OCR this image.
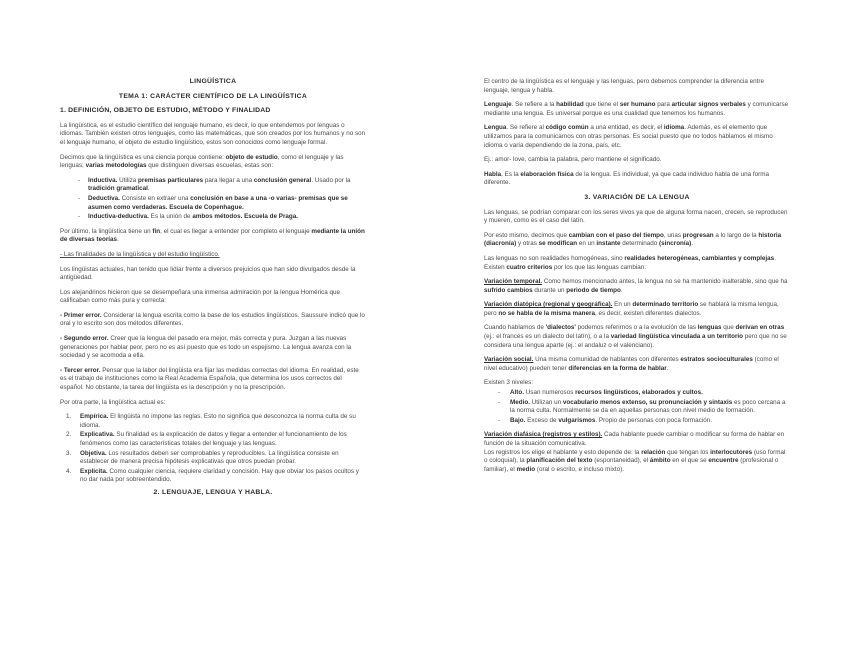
LINGÜÍSTICA
TEMA 1: CARÁCTER CIENTÍFICO DE LA LINGÜÍSTICA
1. DEFINICIÓN, OBJETO DE ESTUDIO, MÉTODO Y FINALIDAD

La lingüística, es el estudio científico del lenguaje humano, es decir, lo que entendemos por lenguas o idiomas. También existen otros lenguajes, como las matemáticas, que son creados por los humanos y no son el lenguaje humano, el objeto de estudio lingüístico, estos son conocidos como lenguaje formal.

Decimos que la lingüística es una ciencia porque contiene: objeto de estudio, como el lenguaje y las lenguas; varias metodologías que distinguen diversas escuelas, estas son:

- Inductiva. Utiliza premisas particulares para llegar a una conclusión general. Usado por la tradición gramatical.
- Deductiva. Consiste en extraer una conclusión en base a una -o varias- premisas que se asumen como verdaderas. Escuela de Copenhague.
- Inductiva-deductiva. Es la unión de ambos métodos. Escuela de Praga.

Por último, la lingüística tiene un fin, el cual es llegar a entender por completo el lenguaje mediante la unión de diversas teorías.

- Las finalidades de la lingüística y del estudio lingüístico.

Los lingüistas actuales, han tenido que lidiar frente a diversos prejuicios que han sido divulgados desde la antigüedad.

Los alejandrinos hicieron que se desempeñara una inmensa admiración por la lengua Homérica que calificaban como más pura y correcta:

- Primer error. Considerar la lengua escrita como la base de los estudios lingüísticos. Saussure indicó que lo oral y lo escrito son dos métodos diferentes.

- Segundo error. Creer que la lengua del pasado era mejor, más correcta y pura. Juzgan a las nuevas generaciones por hablar peor, pero no es así puesto que es todo un espejismo. La lengua avanza con la sociedad y se acomoda a ella.

- Tercer error. Pensar que la labor del lingüista era fijar las medidas correctas del idioma. En realidad, este es el trabajo de instituciones como la Real Academia Española, que determina los usos correctos del español. No obstante, la tarea del lingüista es la descripción y no la prescripción.

Por otra parte, la lingüística actual es:

1. Empírica. El lingüista no impone las reglas. Esto no significa que desconozca la norma culta de su idioma.
2. Explicativa. Su finalidad es la explicación de datos y llegar a entender el funcionamiento de los fenómenos como las características totales del lenguaje y las lenguas.
3. Objetiva. Los resultados deben ser comprobables y reproducibles. La lingüística consiste en establecer de manera precisa hipótesis explicativas que otros puedan probar.
4. Explícita. Como cualquier ciencia, requiere claridad y concisión. Hay que obviar los pasos ocultos y no dar nada por sobreentendido.
2. LENGUAJE, LENGUA Y HABLA.

El centro de la lingüística es el lenguaje y las lenguas, pero debemos comprender la diferencia entre lenguaje, lengua y habla.

Lenguaje. Se refiere a la habilidad que tiene el ser humano para articular signos verbales y comunicarse mediante una lengua. Es universal porque es una cualidad que tenemos los humanos.

Lengua. Se refiere al código común a una entidad, es decir, el idioma. Además, es el elemento que utilizamos para la comunicarnos con otras personas. Es social puesto que no todos hablamos el mismo idioma o varía dependiendo de la zona, país, etc.

Ej.: amor- love, cambia la palabra, pero mantiene el significado.

Habla. Es la elaboración física de la lengua. Es individual, ya que cada individuo habla de una forma diferente.

3. VARIACIÓN DE LA LENGUA

Las lenguas, se podrían comparar con los seres vivos ya que de alguna forma nacen, crecen, se reproducen y mueren, como es el caso del latín.

Por esto mismo, decimos que cambian con el paso del tiempo, unas progresan a lo largo de la historia (diacronía) y otras se modifican en un instante determinado (sincronía).

Las lenguas no son realidades homogéneas, sino realidades heterogéneas, cambiantes y complejas. Existen cuatro criterios por los que las lenguas cambian:

Variación temporal. Como hemos mencionado antes, la lengua no se ha mantenido inalterable, sino que ha sufrido cambios durante un periodo de tiempo.

Variación diatópica (regional y geográfica). En un determinado territorio se hablará la misma lengua, pero no se habla de la misma manera, es decir, existen diferentes dialectos.

Cuando hablamos de 'dialectos' podemos referirnos o a la evolución de las lenguas que derivan en otras (ej.: el francés es un dialecto del latín), o a la variedad lingüística vinculada a un territorio pero que no se considera una lengua aparte (ej.: el andaluz o el valenciano).

Variación social. Una misma comunidad de hablantes con diferentes estratos socioculturales (como el nivel educativo) pueden tener diferencias en la forma de hablar.

Existen 3 niveles:
- Alto. Usan numerosos recursos lingüísticos, elaborados y cultos.
- Medio. Utilizan un vocabulario menos extenso, su pronunciación y sintaxis es poco cercana a la norma culta. Normalmente se da en aquellas personas con nivel medio de formación.
- Bajo. Exceso de vulgarismos. Propio de personas con poca formación.
Variación diafásica (registros y estilos). Cada hablante puede cambiar o modificar su forma de hablar en función de la situación comunicativa.

Los registros los elige el hablante y esto depende de: la relación que tengan los interlocutores (uso formal o coloquial), la planificación del texto (espontaneidad), el ámbito en el que se encuentre (profesional o familiar), el medio (oral o escrito, e incluso mixto).
